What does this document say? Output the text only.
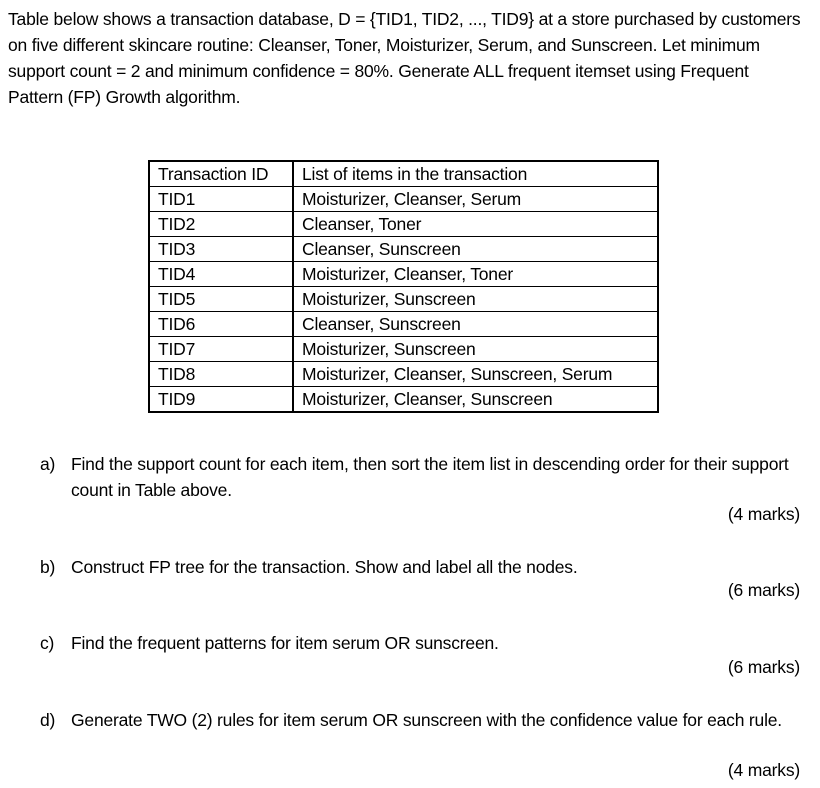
Table below shows a transaction database, D = {TID1, TID2, ..., TID9} at a store purchased by customers on five different skincare routine: Cleanser, Toner, Moisturizer, Serum, and Sunscreen. Let minimum support count = 2 and minimum confidence = 80%. Generate ALL frequent itemset using Frequent Pattern (FP) Growth algorithm.

Transaction ID	List of items in the transaction
TID1	Moisturizer, Cleanser, Serum
TID2	Cleanser, Toner
TID3	Cleanser, Sunscreen
TID4	Moisturizer, Cleanser, Toner
TID5	Moisturizer, Sunscreen
TID6	Cleanser, Sunscreen
TID7	Moisturizer, Sunscreen
TID8	Moisturizer, Cleanser, Sunscreen, Serum
TID9	Moisturizer, Cleanser, Sunscreen
a) Find the support count for each item, then sort the item list in descending order for their support count in Table above.
(4 marks)
b) Construct FP tree for the transaction. Show and label all the nodes.
(6 marks)
c) Find the frequent patterns for item serum OR sunscreen.
(6 marks)
d) Generate TWO (2) rules for item serum OR sunscreen with the confidence value for each rule.
(4 marks)
